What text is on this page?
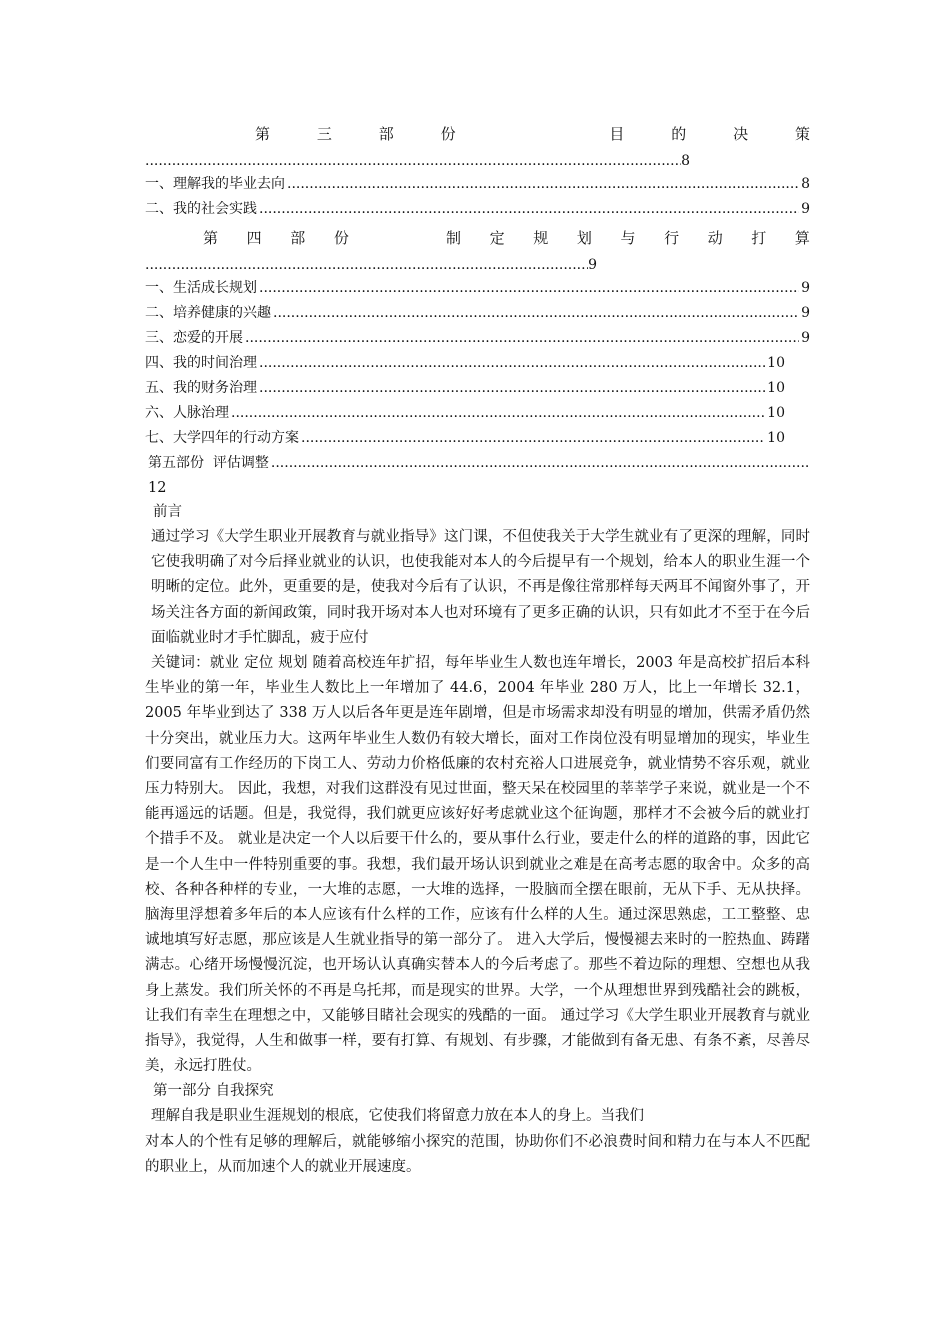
第	三	部	份	目	的	决	策
.....
8
一、理解我的毕业去向 .....	8
二、我的社会实践 .....	9
第 四 部 份	制 定 规 划 与 行 动 打 算
.....
9
一、生活成长规划 .....	9
二、培养健康的兴趣 .....	9
三、恋爱的开展 .....	9
四、我的时间治理 .....	10
五、我的财务治理 .....	10
六、人脉治理 .....	10
七、大学四年的行动方案 .....	10
第五部份  评估调整
.....
12
前言

通过学习《大学生职业开展教育与就业指导》这门课，不但使我关于大学生就业有了更深的理解，同时它使我明确了对今后择业就业的认识，也使我能对本人的今后提早有一个规划，给本人的职业生涯一个明晰的定位。此外，更重要的是，使我对今后有了认识，不再是像往常那样每天两耳不闻窗外事了，开场关注各方面的新闻政策，同时我开场对本人也对环境有了更多正确的认识，只有如此才不至于在今后面临就业时才手忙脚乱，疲于应付

关键词：就业 定位 规划 随着高校连年扩招，每年毕业生人数也连年增长，2003 年是高校扩招后本科生毕业的第一年，毕业生人数比上一年增加了 44.6，2004 年毕业 280 万人，比上一年增长 32.1，2005 年毕业到达了 338 万人以后各年更是连年剧增，但是市场需求却没有明显的增加，供需矛盾仍然十分突出，就业压力大。这两年毕业生人数仍有较大增长，面对工作岗位没有明显增加的现实，毕业生们要同富有工作经历的下岗工人、劳动力价格低廉的农村充裕人口进展竞争，就业情势不容乐观，就业压力特别大。 因此，我想，对我们这群没有见过世面，整天呆在校园里的莘莘学子来说，就业是一个不能再遥远的话题。但是，我觉得，我们就更应该好好考虑就业这个征询题，那样才不会被今后的就业打个措手不及。 就业是决定一个人以后要干什么的，要从事什么行业，要走什么的样的道路的事，因此它是一个人生中一件特别重要的事。我想，我们最开场认识到就业之难是在高考志愿的取舍中。众多的高校、各种各种样的专业，一大堆的志愿，一大堆的选择，一股脑而全摆在眼前，无从下手、无从抉择。脑海里浮想着多年后的本人应该有什么样的工作，应该有什么样的人生。通过深思熟虑，工工整整、忠诚地填写好志愿，那应该是人生就业指导的第一部分了。 进入大学后，慢慢褪去来时的一腔热血、踌躇满志。心绪开场慢慢沉淀，也开场认认真确实替本人的今后考虑了。那些不着边际的理想、空想也从我身上蒸发。我们所关怀的不再是乌托邦，而是现实的世界。大学，一个从理想世界到残酷社会的跳板，让我们有幸生在理想之中，又能够目睹社会现实的残酷的一面。 通过学习《大学生职业开展教育与就业指导》，我觉得，人生和做事一样，要有打算、有规划、有步骤，才能做到有备无患、有条不紊，尽善尽美，永远打胜仗。

第一部分 自我探究

理解自我是职业生涯规划的根底，它使我们将留意力放在本人的身上。当我们

对本人的个性有足够的理解后，就能够缩小探究的范围，协助你们不必浪费时间和精力在与本人不匹配的职业上，从而加速个人的就业开展速度。
